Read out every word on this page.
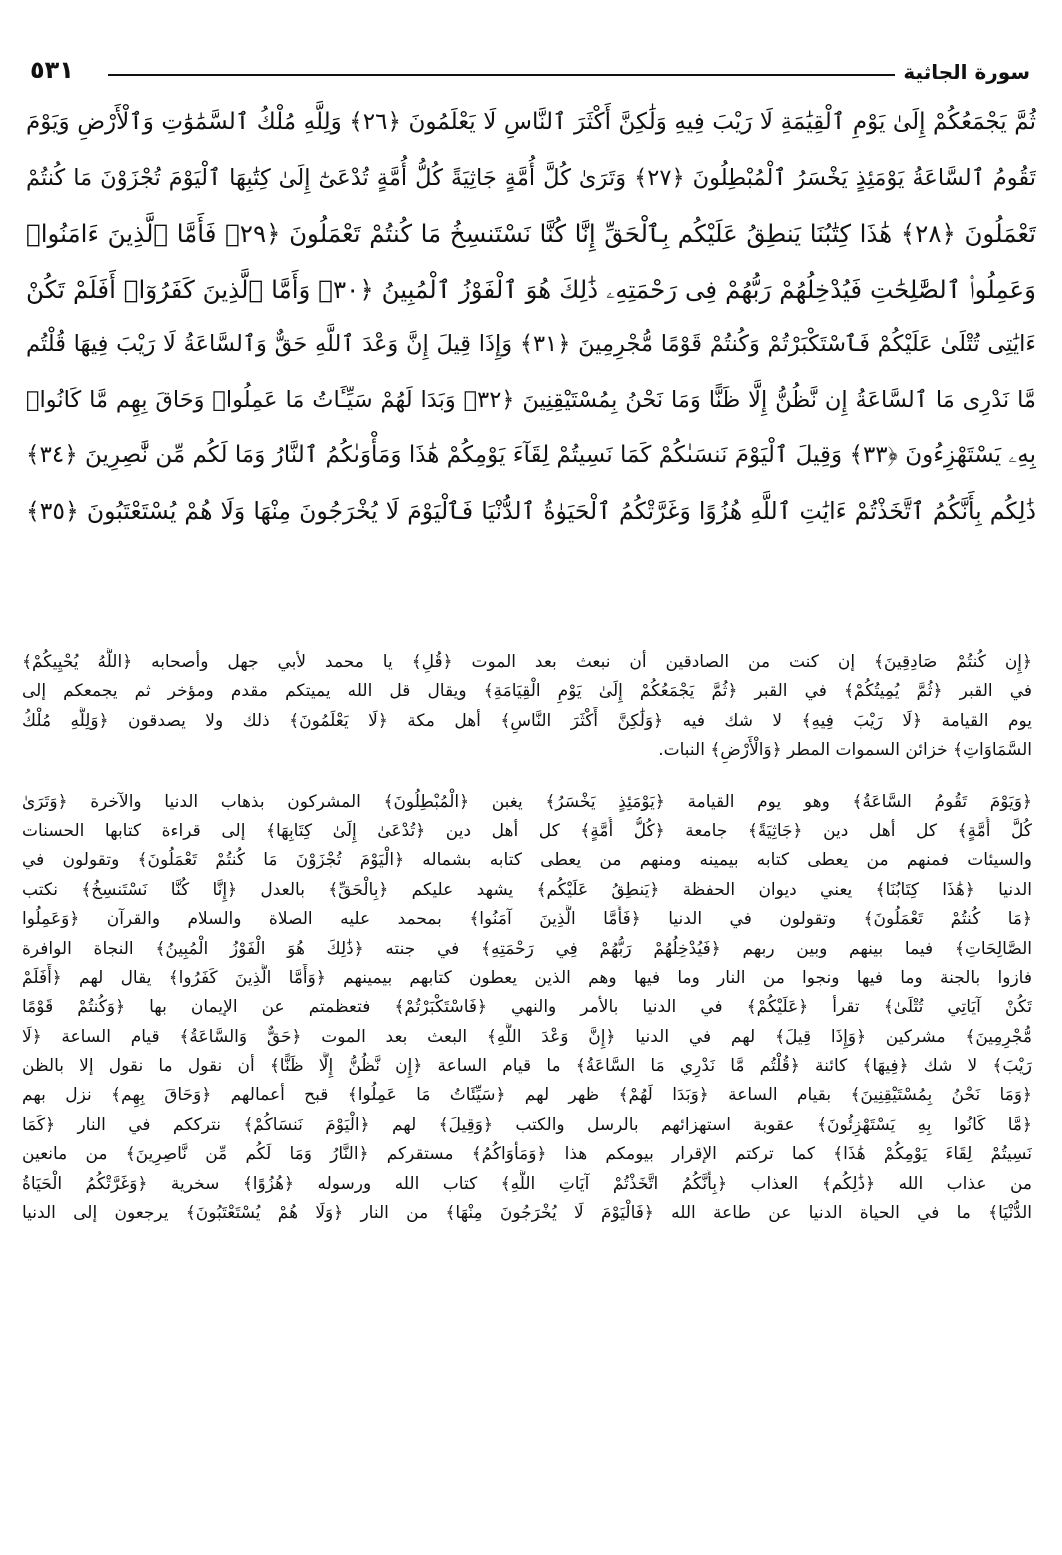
٥٣١	سورة الجاثية
ثُمَّ يَجْمَعُكُمْ إِلَىٰ يَوْمِ ٱلْقِيَٰمَةِ لَا رَيْبَ فِيهِ وَلَٰكِنَّ أَكْثَرَ ٱلنَّاسِ لَا يَعْلَمُونَ ﴿٢٦﴾ وَلِلَّهِ مُلْكُ ٱلسَّمَٰوَٰتِ وَٱلْأَرْضِ وَيَوْمَ
تَقُومُ ٱلسَّاعَةُ يَوْمَئِذٍ يَخْسَرُ ٱلْمُبْطِلُونَ ﴿٢٧﴾ وَتَرَىٰ كُلَّ أُمَّةٍ جَاثِيَةً كُلُّ أُمَّةٍ تُدْعَىٰٓ إِلَىٰ كِتَٰبِهَا ٱلْيَوْمَ تُجْزَوْنَ مَا كُنتُمْ
تَعْمَلُونَ ﴿٢٨﴾ هَٰذَا كِتَٰبُنَا يَنطِقُ عَلَيْكُم بِٱلْحَقِّ إِنَّا كُنَّا نَسْتَنسِخُ مَا كُنتُمْ تَعْمَلُونَ ﴿٢٩﴾ فَأَمَّا ٱلَّذِينَ ءَامَنُوا۟
وَعَمِلُوا۟ ٱلصَّٰلِحَٰتِ فَيُدْخِلُهُمْ رَبُّهُمْ فِى رَحْمَتِهِۦ ذَٰلِكَ هُوَ ٱلْفَوْزُ ٱلْمُبِينُ ﴿٣٠﴾ وَأَمَّا ٱلَّذِينَ كَفَرُوٓا۟ أَفَلَمْ تَكُنْ
ءَايَٰتِى تُتْلَىٰ عَلَيْكُمْ فَٱسْتَكْبَرْتُمْ وَكُنتُمْ قَوْمًا مُّجْرِمِينَ ﴿٣١﴾ وَإِذَا قِيلَ إِنَّ وَعْدَ ٱللَّهِ حَقٌّ وَٱلسَّاعَةُ لَا رَيْبَ فِيهَا قُلْتُم
مَّا نَدْرِى مَا ٱلسَّاعَةُ إِن نَّظُنُّ إِلَّا ظَنًّا وَمَا نَحْنُ بِمُسْتَيْقِنِينَ ﴿٣٢﴾ وَبَدَا لَهُمْ سَيِّـَٔاتُ مَا عَمِلُوا۟ وَحَاقَ بِهِم مَّا كَانُوا۟
بِهِۦ يَسْتَهْزِءُونَ ﴿٣٣﴾ وَقِيلَ ٱلْيَوْمَ نَنسَىٰكُمْ كَمَا نَسِيتُمْ لِقَآءَ يَوْمِكُمْ هَٰذَا وَمَأْوَىٰكُمُ ٱلنَّارُ وَمَا لَكُم مِّن نَّٰصِرِينَ ﴿٣٤﴾
ذَٰلِكُم بِأَنَّكُمُ ٱتَّخَذْتُمْ ءَايَٰتِ ٱللَّهِ هُزُوًا وَغَرَّتْكُمُ ٱلْحَيَوٰةُ ٱلدُّنْيَا فَٱلْيَوْمَ لَا يُخْرَجُونَ مِنْهَا وَلَا هُمْ يُسْتَعْتَبُونَ ﴿٣٥﴾
﴿إِن كُنتُمْ صَادِقِينَ﴾ إن كنت من الصادقين أن نبعث بعد الموت ﴿قُلِ﴾ يا محمد لأبي جهل وأصحابه ﴿اللَّهُ يُحْيِيكُمْ﴾
في القبر ﴿ثُمَّ يُمِيتُكُمْ﴾ في القبر ﴿ثُمَّ يَجْمَعُكُمْ إِلَىٰ يَوْمِ الْقِيَامَةِ﴾ ويقال قل الله يميتكم مقدم ومؤخر ثم يجمعكم إلى
يوم القيامة ﴿لَا رَيْبَ فِيهِ﴾ لا شك فيه ﴿وَلَٰكِنَّ أَكْثَرَ النَّاسِ﴾ أهل مكة ﴿لَا يَعْلَمُونَ﴾ ذلك ولا يصدقون ﴿وَلِلَّهِ مُلْكُ
السَّمَاوَاتِ﴾ خزائن السموات المطر ﴿وَالْأَرْضِ﴾ النبات.
﴿وَيَوْمَ تَقُومُ السَّاعَةُ﴾ وهو يوم القيامة ﴿يَوْمَئِذٍ يَخْسَرُ﴾ يغبن ﴿الْمُبْطِلُونَ﴾ المشركون بذهاب الدنيا والآخرة ﴿وَتَرَىٰ
كُلَّ أُمَّةٍ﴾ كل أهل دين ﴿جَاثِيَةً﴾ جامعة ﴿كُلُّ أُمَّةٍ﴾ كل أهل دين ﴿تُدْعَىٰ إِلَىٰ كِتَابِهَا﴾ إلى قراءة كتابها الحسنات
والسيئات فمنهم من يعطى كتابه بيمينه ومنهم من يعطى كتابه بشماله ﴿الْيَوْمَ تُجْزَوْنَ مَا كُنتُمْ تَعْمَلُونَ﴾ وتقولون في
الدنيا ﴿هَٰذَا كِتَابُنَا﴾ يعني ديوان الحفظة ﴿يَنطِقُ عَلَيْكُم﴾ يشهد عليكم ﴿بِالْحَقِّ﴾ بالعدل ﴿إِنَّا كُنَّا نَسْتَنسِخُ﴾ نكتب
﴿مَا كُنتُمْ تَعْمَلُونَ﴾ وتقولون في الدنيا ﴿فَأَمَّا الَّذِينَ آمَنُوا﴾ بمحمد عليه الصلاة والسلام والقرآن ﴿وَعَمِلُوا
الصَّالِحَاتِ﴾ فيما بينهم وبين ربهم ﴿فَيُدْخِلُهُمْ رَبُّهُمْ فِي رَحْمَتِهِ﴾ في جنته ﴿ذَٰلِكَ هُوَ الْفَوْزُ الْمُبِينُ﴾ النجاة الوافرة
فازوا بالجنة وما فيها ونجوا من النار وما فيها وهم الذين يعطون كتابهم بيمينهم ﴿وَأَمَّا الَّذِينَ كَفَرُوا﴾ يقال لهم ﴿أَفَلَمْ
تَكُنْ آيَاتِي تُتْلَىٰ﴾ تقرأ ﴿عَلَيْكُمْ﴾ في الدنيا بالأمر والنهي ﴿فَاسْتَكْبَرْتُمْ﴾ فتعظمتم عن الإيمان بها ﴿وَكُنتُمْ قَوْمًا
مُّجْرِمِينَ﴾ مشركين ﴿وَإِذَا قِيلَ﴾ لهم في الدنيا ﴿إِنَّ وَعْدَ اللَّهِ﴾ البعث بعد الموت ﴿حَقٌّ وَالسَّاعَةُ﴾ قيام الساعة ﴿لَا
رَيْبَ﴾ لا شك ﴿فِيهَا﴾ كائنة ﴿قُلْتُم مَّا نَدْرِي مَا السَّاعَةُ﴾ ما قيام الساعة ﴿إِن نَّظُنُّ إِلَّا ظَنًّا﴾ أن نقول ما نقول إلا بالظن
﴿وَمَا نَحْنُ بِمُسْتَيْقِنِينَ﴾ بقيام الساعة ﴿وَبَدَا لَهُمْ﴾ ظهر لهم ﴿سَيِّئَاتُ مَا عَمِلُوا﴾ قبح أعمالهم ﴿وَحَاقَ بِهِم﴾ نزل بهم
﴿مَّا كَانُوا بِهِ يَسْتَهْزِئُونَ﴾ عقوبة استهزائهم بالرسل والكتب ﴿وَقِيلَ﴾ لهم ﴿الْيَوْمَ نَنسَاكُمْ﴾ نترككم في النار ﴿كَمَا
نَسِيتُمْ لِقَاءَ يَوْمِكُمْ هَٰذَا﴾ كما تركتم الإقرار بيومكم هذا ﴿وَمَأْوَاكُمُ﴾ مستقركم ﴿النَّارُ وَمَا لَكُم مِّن نَّاصِرِينَ﴾ من مانعين
من عذاب الله ﴿ذَٰلِكُم﴾ العذاب ﴿بِأَنَّكُمُ اتَّخَذْتُمْ آيَاتِ اللَّهِ﴾ كتاب الله ورسوله ﴿هُزُوًا﴾ سخرية ﴿وَغَرَّتْكُمُ الْحَيَاةُ
الدُّنْيَا﴾ ما في الحياة الدنيا عن طاعة الله ﴿فَالْيَوْمَ لَا يُخْرَجُونَ مِنْهَا﴾ من النار ﴿وَلَا هُمْ يُسْتَعْتَبُونَ﴾ يرجعون إلى الدنيا
